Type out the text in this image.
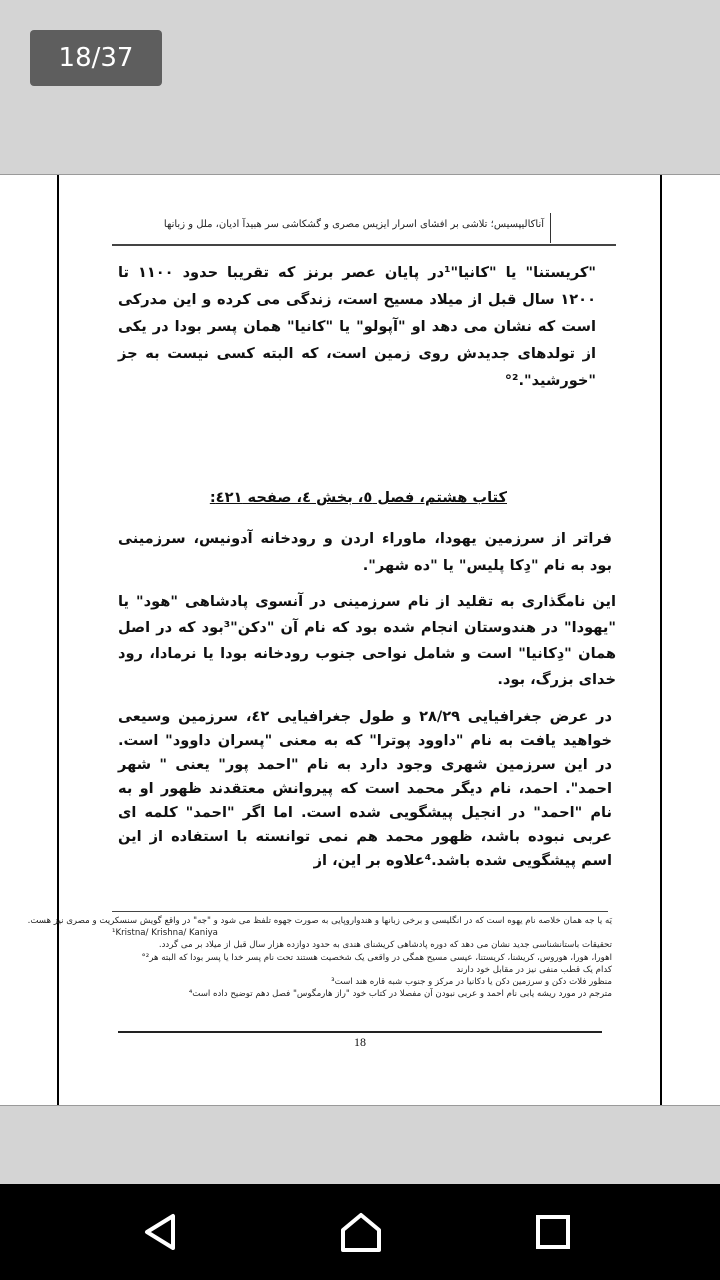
18/37
آناکالیپسیس؛ تلاشی بر افشای اسرار ایزیس مصری و گشکاشی سر هبیدآ ادیان، ملل و زبانها
"کریستنا" یا "کانیا"¹در پایان عصر برنز که تقریبا حدود ۱۱۰۰ تا ۱۲۰۰ سال قبل از میلاد مسیح است، زندگی می کرده و این مدرکی است که نشان می دهد او "آپولو" یا "کانیا" همان پسر بودا در یکی از تولدهای جدیدش روی زمین است، که البته کسی نیست به جز "خورشید".²°
کتاب هشتم، فصل ٥، بخش ٤، صفحه ٤٢١:
فراتر از سرزمین یهودا، ماوراء اردن و رودخانه آدونیس، سرزمینی بود به نام "دِکا پلیس" یا "ده شهر".
این نامگذاری به تقلید از نام سرزمینی در آنسوی پادشاهی "هود" یا "یهودا" در هندوستان انجام شده بود که نام آن "دکن"³بود که در اصل همان "دِکانیا" است و شامل نواحی جنوب رودخانه بودا یا نرمادا، رود خدای بزرگ، بود.
در عرض جغرافیایی ۲۸/۲۹ و طول جغرافیایی ٤٢، سرزمین وسیعی خواهید یافت به نام "داوود پوترا" که به معنی "پسران داوود" است. در این سرزمین شهری وجود دارد به نام "احمد پور" یعنی " شهر احمد". احمد، نام دیگر محمد است که پیروانش معتقدند ظهور او به نام "احمد" در انجیل پیشگویی شده است. اما اگر "احمد" کلمه ای عربی نبوده باشد، ظهور محمد هم نمی توانسته با استفاده از این اسم پیشگویی شده باشد.⁴علاوه بر این، از
یَه یا جه همان خلاصه نام یهوه است که در انگلیسی و برخی زبانها و هندواروپایی به صورت جهوه تلفظ می شود و "جه" در واقع گویش سنسکریت و مصری نیز هست.
¹Kristna/ Krishna/ Kaniya
تحقیقات باستانشناسی جدید نشان می دهد که دوره پادشاهی کریشنای هندی به حدود دوازده هزار سال قبل از میلاد بر می گردد.
اهورا، هورا، هوروس، کریشنا، کریستنا، عیسی مسیح همگی در واقعی یک شخصیت هستند تحت نام پسر خدا یا پسر بودا که البته هر²°
کدام یک قطب منفی نیز در مقابل خود دارند
منظور فلات دکن و سرزمین دکن یا دکانیا در مرکز و جنوب شبه قاره هند است³
مترجم در مورد ریشه یابی نام احمد و عربی نبودن آن مفصلا در کتاب خود "راز هارمگوس" فصل دهم توضیح داده است⁴
18
